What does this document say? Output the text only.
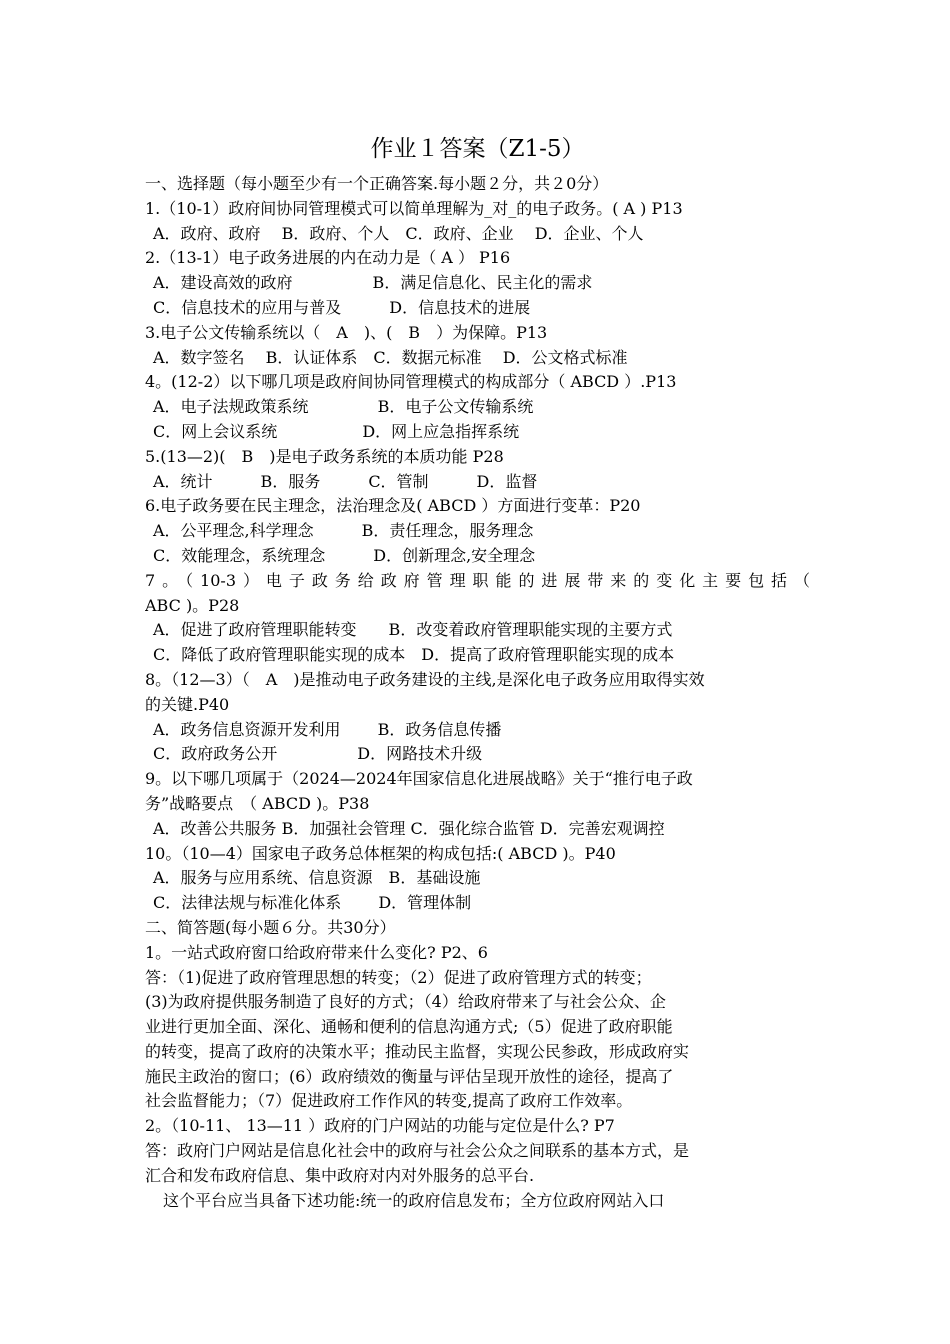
作业１答案（Z1-5）
一、选择题（每小题至少有一个正确答案.每小题２分，共２0分）
1.（10-1）政府间协同管理模式可以简单理解为_对_的电子政务。( A ) P13
A．政府、政府　 B．政府、个人　C．政府、企业　 D．企业、个人
2.（13-1）电子政务进展的内在动力是（ A ） P16
A．建设高效的政府　　　　　B．满足信息化、民主化的需求
C．信息技术的应用与普及　　　D．信息技术的进展
3.电子公文传输系统以（　A　)、(　B　）为保障。P13
A．数字签名　 B．认证体系　C．数据元标准　 D．公文格式标准
4。(12-2）以下哪几项是政府间协同管理模式的构成部分（ ABCD ）.P13
A．电子法规政策系统　　　　 B．电子公文传输系统
C．网上会议系统　　　　　 D．网上应急指挥系统
5.(13—2)(　B　)是电子政务系统的本质功能 P28
A．统计　　　B．服务　　　C．管制　　　D．监督
6.电子政务要在民主理念，法治理念及( ABCD ）方面进行变革：P20
A．公平理念,科学理念　　　B．责任理念，服务理念
C．效能理念，系统理念　　　D．创新理念,安全理念
7。（10-3）电子政务给政府管理职能的进展带来的变化主要包括（
ABC )。P28
A．促进了政府管理职能转变　　B．改变着政府管理职能实现的主要方式
C．降低了政府管理职能实现的成本　D．提高了政府管理职能实现的成本
8。（12—3）（　A　)是推动电子政务建设的主线,是深化电子政务应用取得实效
的关键.P40
A．政务信息资源开发利用　　 B．政务信息传播
C．政府政务公开　　　　　D．网路技术升级
9。以下哪几项属于（2024—2024年国家信息化进展战略》关于“推行电子政
务”战略要点　（ ABCD )。P38
A．改善公共服务 B．加强社会管理 C．强化综合监管 D．完善宏观调控
10。（10—4）国家电子政务总体框架的构成包括:( ABCD )。P40
A．服务与应用系统、信息资源　B．基础设施
C．法律法规与标准化体系　　 D．管理体制
二、简答题(每小题６分。共30分）
1。一站式政府窗口给政府带来什么变化? P2、6
答：（1)促进了政府管理思想的转变；（2）促进了政府管理方式的转变；
(3)为政府提供服务制造了良好的方式；（4）给政府带来了与社会公众、企
业进行更加全面、深化、通畅和便利的信息沟通方式;（5）促进了政府职能
的转变，提高了政府的决策水平；推动民主监督，实现公民参政，形成政府实
施民主政治的窗口；(6）政府绩效的衡量与评估呈现开放性的途径，提高了
社会监督能力；（7）促进政府工作作风的转变,提高了政府工作效率。
2。（10-11、 13—11 ）政府的门户网站的功能与定位是什么? P7
答：政府门户网站是信息化社会中的政府与社会公众之间联系的基本方式，是
汇合和发布政府信息、集中政府对内对外服务的总平台.
这个平台应当具备下述功能:统一的政府信息发布；全方位政府网站入口
